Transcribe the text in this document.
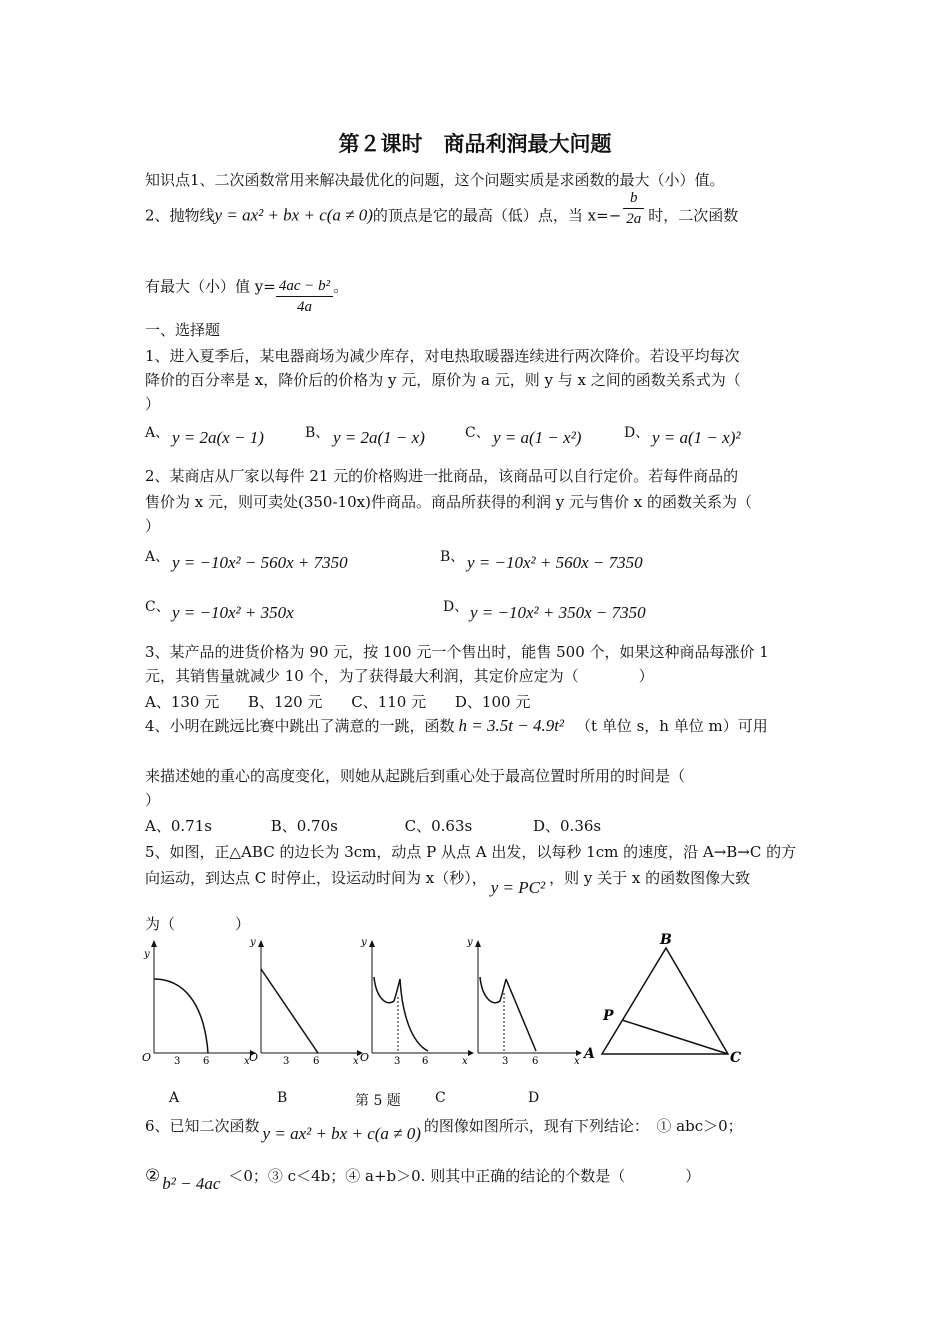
第２课时　商品利润最大问题
知识点1、二次函数常用来解决最优化的问题，这个问题实质是求函数的最大（小）值。
2、抛物线y = ax² + bx + c(a ≠ 0)的顶点是它的最高（低）点，当 $x=- \frac{b}{2a}$ 时，二次函数
有最大（小）值 $y= \frac{\text{4ac − b²}}{4a}$ 。
一、选择题
1、进入夏季后，某电器商场为减少库存，对电热取暖器连续进行两次降价。若设平均每次
降价的百分率是 x，降价后的价格为 y 元，原价为 a 元，则 y 与 x 之间的函数关系式为（
）
A、 y = 2a(x − 1)	B、 y = 2a(1 − x)	C、 y = a(1 − x²)	D、 y = a(1 − x)²
2、某商店从厂家以每件 21 元的价格购进一批商品，该商品可以自行定价。若每件商品的
售价为 x 元，则可卖处(350-10x)件商品。商品所获得的利润 y 元与售价 x 的函数关系为（
）
A、 y = −10x² − 560x + 7350	B、 y = −10x² + 560x − 7350
C、 y = −10x² + 350x	D、 y = −10x² + 350x − 7350
3、某产品的进货价格为 90 元，按 100 元一个售出时，能售 500 个，如果这种商品每涨价 1
元，其销售量就减少 10 个，为了获得最大利润，其定价应定为（　　　　）
A、130 元 B、120 元 C、110 元 D、100 元
4、小明在跳远比赛中跳出了满意的一跳，函数 h = 3.5t − 4.9t² （t 单位 s，h 单位 m）可用
来描述她的重心的高度变化，则她从起跳后到重心处于最高位置时所用的时间是（
）
A、0.71s	B、0.70s	C、0.63s	D、0.36s
5、如图，正△ABC 的边长为 3cm，动点 P 从点 A 出发，以每秒 1cm 的速度，沿 A→B→C 的方
向运动，到达点 C 时停止，设运动时间为 x（秒）， y = PC² ，则 y 关于 x 的函数图像大致
为（　　　　）
y
O 3 6	x
y
O 3 6	x
y
O 3 6	x
y
3 6	x A
B
C
P
A	B	第 5 题 C	D
6、已知二次函数 y = ax² + bx + c(a ≠ 0) 的图像如图所示，现有下列结论：　① abc＞0；
② b² − 4ac ＜0；③ c＜4b；④ a+b＞0. 则其中正确的结论的个数是（　　　　）
